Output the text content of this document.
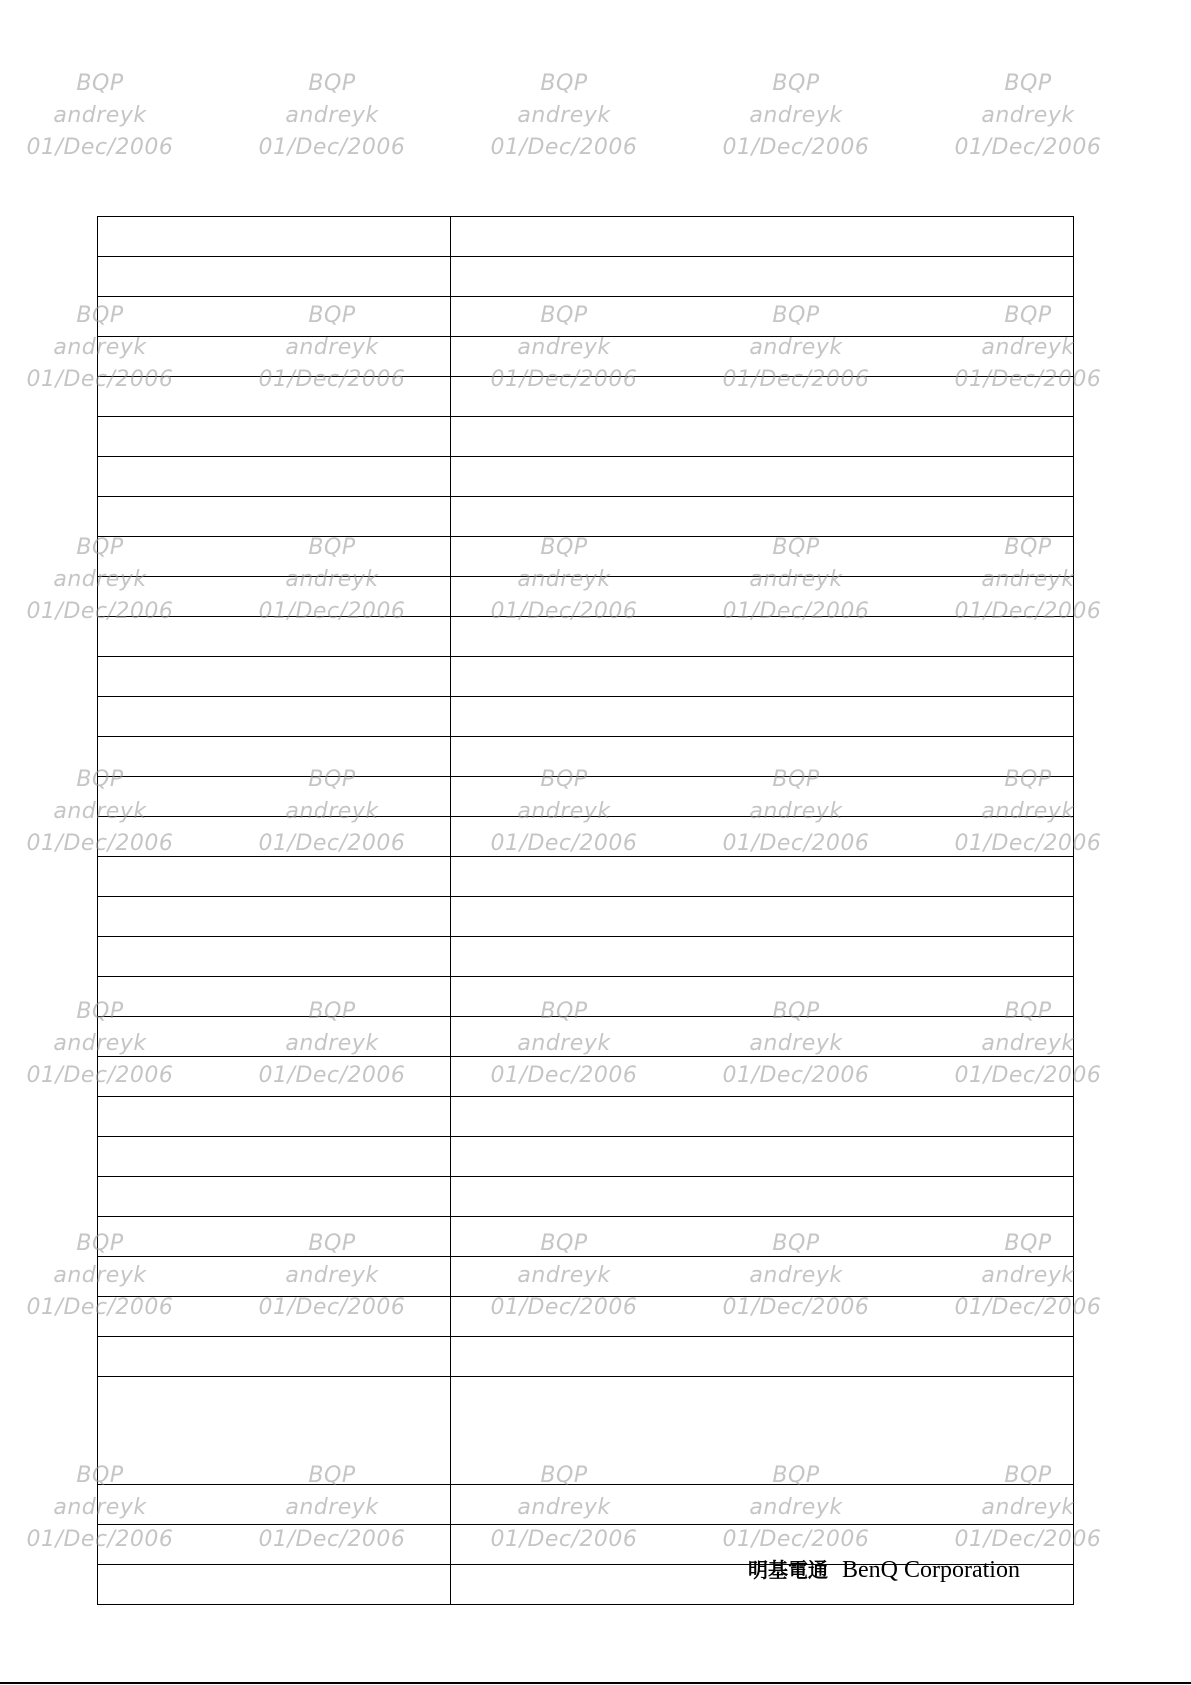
BQP
andreyk
01/Dec/2006
BQP
andreyk
01/Dec/2006
BQP
andreyk
01/Dec/2006
BQP
andreyk
01/Dec/2006
BQP
andreyk
01/Dec/2006
BQP
andreyk
01/Dec/2006
BQP
andreyk
01/Dec/2006
BQP
andreyk
01/Dec/2006
BQP
andreyk
01/Dec/2006
BQP
andreyk
01/Dec/2006
BQP
andreyk
01/Dec/2006
BQP
andreyk
01/Dec/2006
BQP
andreyk
01/Dec/2006
BQP
andreyk
01/Dec/2006
BQP
andreyk
01/Dec/2006
BQP
andreyk
01/Dec/2006
BQP
andreyk
01/Dec/2006
BQP
andreyk
01/Dec/2006
BQP
andreyk
01/Dec/2006
BQP
andreyk
01/Dec/2006
BQP
andreyk
01/Dec/2006
BQP
andreyk
01/Dec/2006
BQP
andreyk
01/Dec/2006
BQP
andreyk
01/Dec/2006
BQP
andreyk
01/Dec/2006
BQP
andreyk
01/Dec/2006
BQP
andreyk
01/Dec/2006
BQP
andreyk
01/Dec/2006
BQP
andreyk
01/Dec/2006
BQP
andreyk
01/Dec/2006
BQP
andreyk
01/Dec/2006
BQP
andreyk
01/Dec/2006
BQP
andreyk
01/Dec/2006
BQP
andreyk
01/Dec/2006
BQP
andreyk
01/Dec/2006
明基電通 BenQ Corporation
